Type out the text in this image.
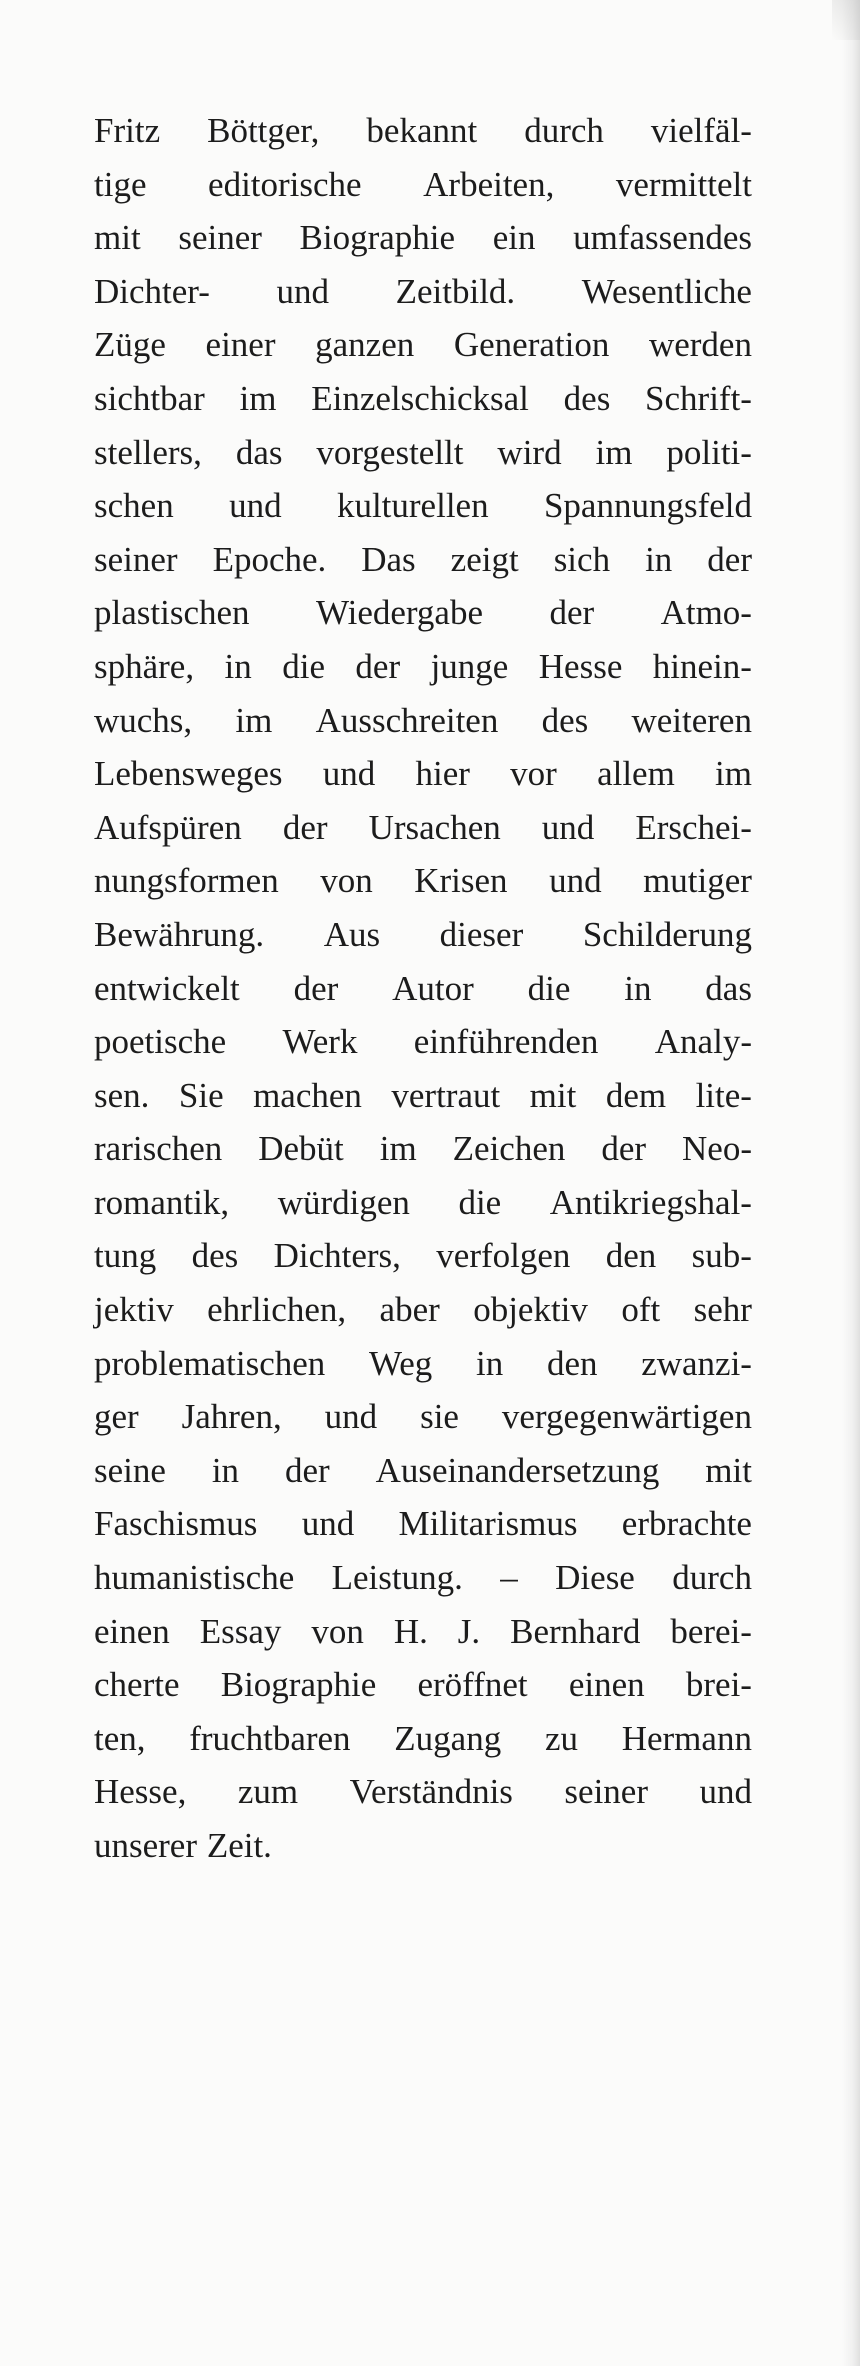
Fritz Böttger, bekannt durch vielfäl-
tige editorische Arbeiten, vermittelt
mit seiner Biographie ein umfassendes
Dichter- und Zeitbild. Wesentliche
Züge einer ganzen Generation werden
sichtbar im Einzelschicksal des Schrift-
stellers, das vorgestellt wird im politi-
schen und kulturellen Spannungsfeld
seiner Epoche. Das zeigt sich in der
plastischen Wiedergabe der Atmo-
sphäre, in die der junge Hesse hinein-
wuchs, im Ausschreiten des weiteren
Lebensweges und hier vor allem im
Aufspüren der Ursachen und Erschei-
nungsformen von Krisen und mutiger
Bewährung. Aus dieser Schilderung
entwickelt der Autor die in das
poetische Werk einführenden Analy-
sen. Sie machen vertraut mit dem lite-
rarischen Debüt im Zeichen der Neo-
romantik, würdigen die Antikriegshal-
tung des Dichters, verfolgen den sub-
jektiv ehrlichen, aber objektiv oft sehr
problematischen Weg in den zwanzi-
ger Jahren, und sie vergegenwärtigen
seine in der Auseinandersetzung mit
Faschismus und Militarismus erbrachte
humanistische Leistung. – Diese durch
einen Essay von H. J. Bernhard berei-
cherte Biographie eröffnet einen brei-
ten, fruchtbaren Zugang zu Hermann
Hesse, zum Verständnis seiner und
unserer Zeit.
